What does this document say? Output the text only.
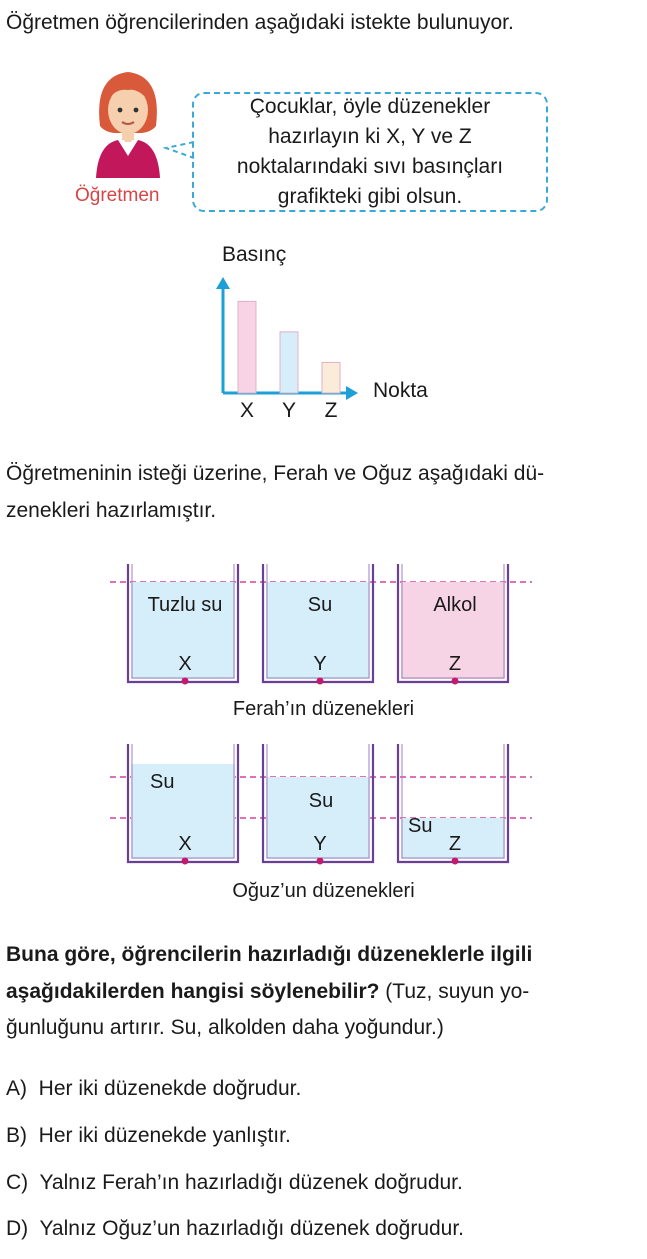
Öğretmen öğrencilerinden aşağıdaki istekte bulunuyor.
Öğretmen
Çocuklar, öyle düzenekler
hazırlayın ki X, Y ve Z
noktalarındaki sıvı basınçları
grafikteki gibi olsun.
Basınç
X Y Z
Nokta
Öğretmeninin isteği üzerine, Ferah ve Oğuz aşağıdaki dü-
zenekleri hazırlamıştır.
Tuzlu su
X
Su
Y
Alkol
Z
Ferah’ın düzenekleri
Su
X
Su
Y
Su
Z
Oğuz’un düzenekleri
Buna göre, öğrencilerin hazırladığı düzeneklerle ilgili
aşağıdakilerden hangisi söylenebilir? (Tuz, suyun yo-
ğunluğunu artırır. Su, alkolden daha yoğundur.)
A) Her iki düzenekde doğrudur.
B) Her iki düzenekde yanlıştır.
C) Yalnız Ferah’ın hazırladığı düzenek doğrudur.
D) Yalnız Oğuz’un hazırladığı düzenek doğrudur.
